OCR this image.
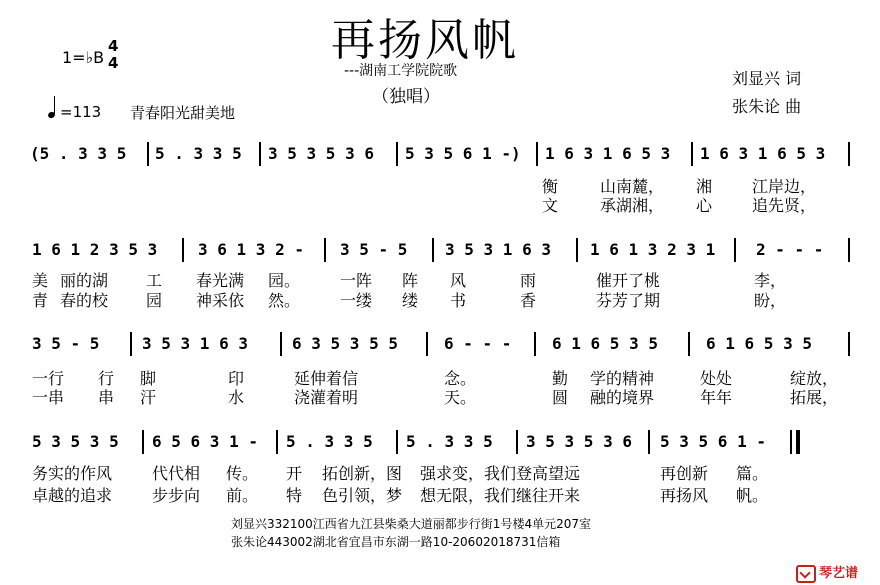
再扬风帆
---湖南工学院院歌
（独唱）
刘显兴 词
张朱论 曲
1=♭B
4
4
=113 青春阳光甜美地
(5 . 3 3 5 5 . 3 3 5 3 5 3 5 3 6 5 3 5 6 1 -) 1 6 3 1 6 5 3 1 6 3 1 6 5 3
衡	山南麓， 湘 江岸边，
文	承湖湘， 心 追先贤，
1 6 1 2 3 5 3	3 6 1 3 2 - 3 5 - 5 3 5 3 1 6 3 1 6 1 3 2 3 1	2 - - -
美 丽的湖 工 春光满 园。 一阵 阵 风	雨	催开了桃	李，
青 春的校 园 神采依 然。 一缕 缕 书	香	芬芳了期	盼，
3 5 - 5	3 5 3 1 6 3	6 3 5 3 5 5	6 - - -	6 1 6 5 3 5	6 1 6 5 3 5
一行 行 脚	印	延伸着信	念。	勤 学的精神	处处	绽放，
一串 串 汗	水	浇灌着明	天。	圆 融的境界	年年	拓展，
5 3 5 3 5 6 5 6 3 1 - 5 . 3 3 5 5 . 3 3 5 3 5 3 5 3 6 5 3 5 6 1 -
务实的作风 代代相 传。 开 拓创新，图 强求变，我们登高望远	再创新 篇。
卓越的追求 步步向 前。 特 色引领，梦 想无限，我们继往开来	再扬风 帆。
刘显兴332100江西省九江县柴桑大道丽都步行街1号楼4单元207室
张朱论443002湖北省宜昌市东湖一路10-20602018731信箱
琴艺谱
